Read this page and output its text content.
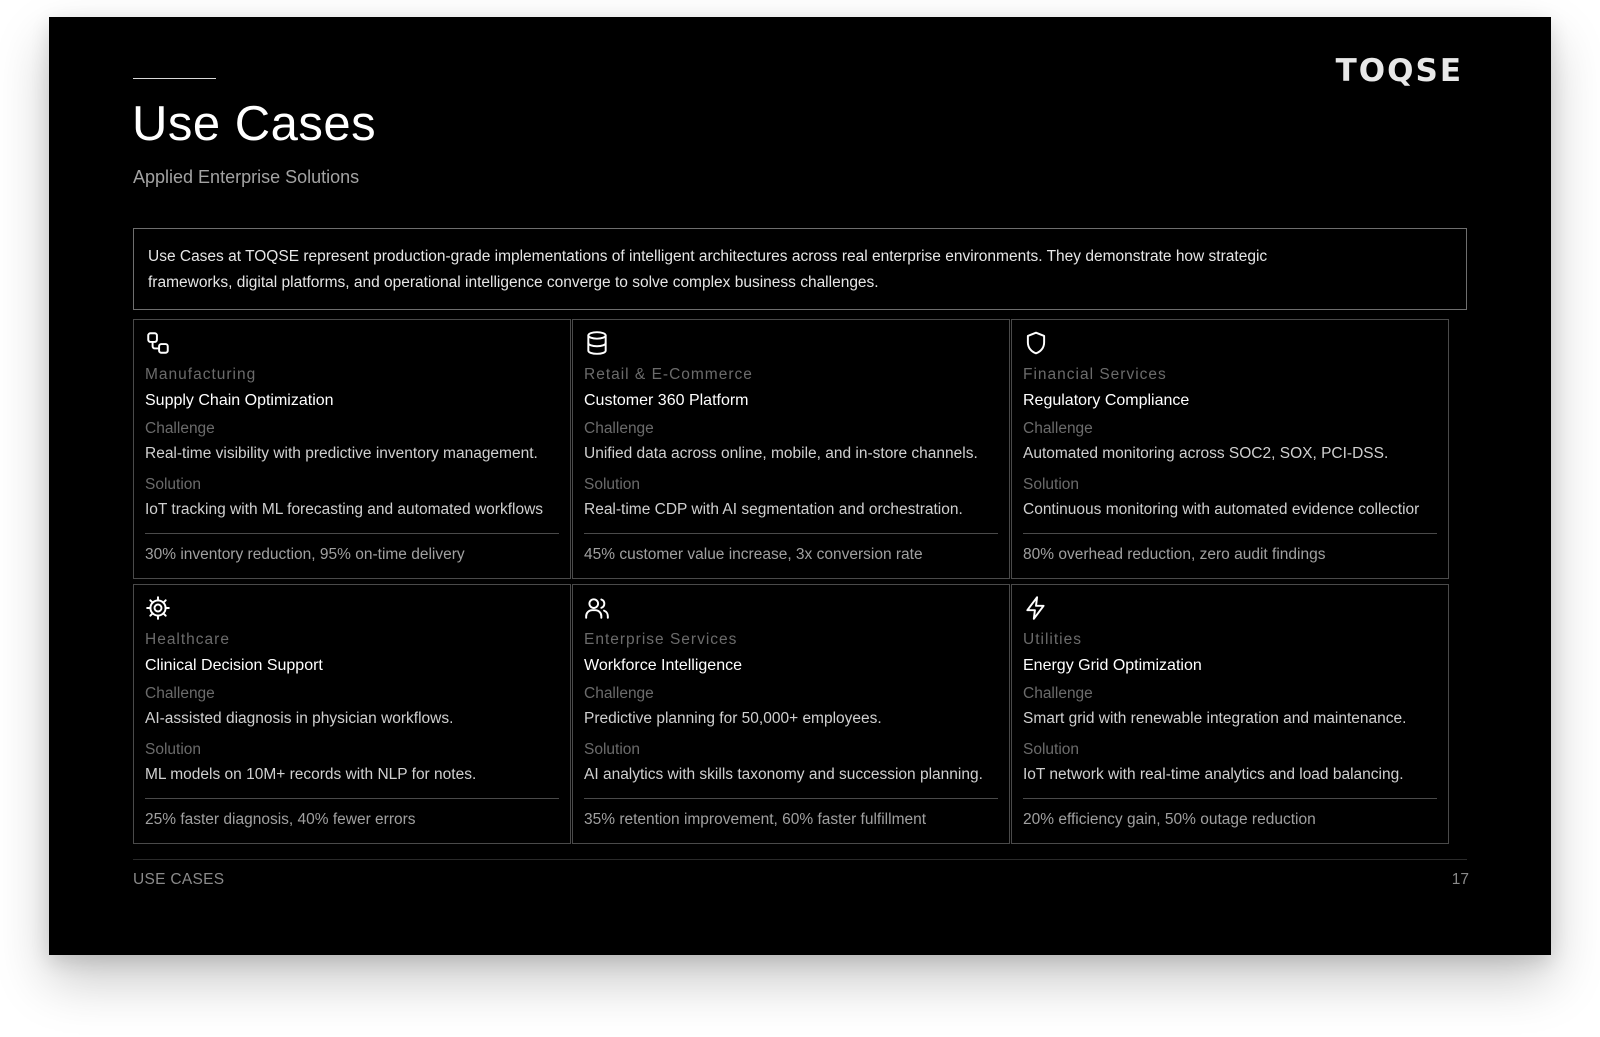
Use Cases
Applied Enterprise Solutions
TOQSE
Use Cases at TOQSE represent production-grade implementations of intelligent architectures across real enterprise environments. They demonstrate how strategic
frameworks, digital platforms, and operational intelligence converge to solve complex business challenges.
Manufacturing
Supply Chain Optimization
Challenge
Real-time visibility with predictive inventory management.
Solution
IoT tracking with ML forecasting and automated workflows
30% inventory reduction, 95% on-time delivery
Retail & E-Commerce
Customer 360 Platform
Challenge
Unified data across online, mobile, and in-store channels.
Solution
Real-time CDP with AI segmentation and orchestration.
45% customer value increase, 3x conversion rate
Financial Services
Regulatory Compliance
Challenge
Automated monitoring across SOC2, SOX, PCI-DSS.
Solution
Continuous monitoring with automated evidence collectior
80% overhead reduction, zero audit findings
Healthcare
Clinical Decision Support
Challenge
AI-assisted diagnosis in physician workflows.
Solution
ML models on 10M+ records with NLP for notes.
25% faster diagnosis, 40% fewer errors
Enterprise Services
Workforce Intelligence
Challenge
Predictive planning for 50,000+ employees.
Solution
AI analytics with skills taxonomy and succession planning.
35% retention improvement, 60% faster fulfillment
Utilities
Energy Grid Optimization
Challenge
Smart grid with renewable integration and maintenance.
Solution
IoT network with real-time analytics and load balancing.
20% efficiency gain, 50% outage reduction
USE CASES	17
